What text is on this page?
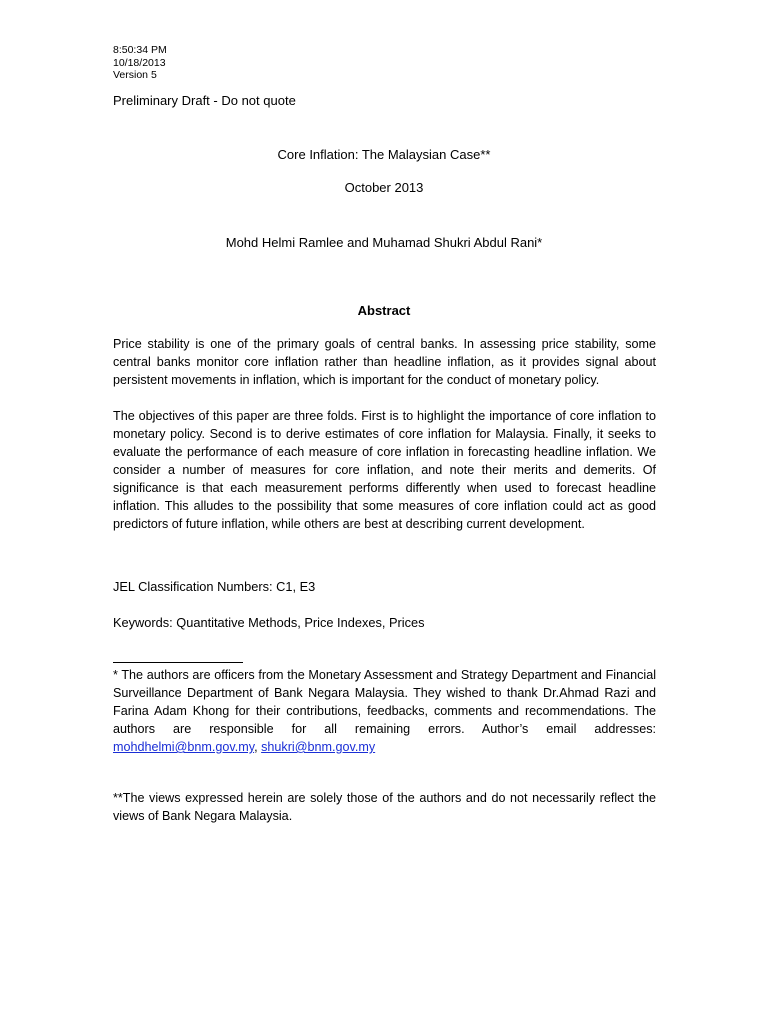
8:50:34 PM
10/18/2013
Version 5
Preliminary Draft - Do not quote
Core Inflation: The Malaysian Case**
October 2013
Mohd Helmi Ramlee and Muhamad Shukri Abdul Rani*
Abstract
Price stability is one of the primary goals of central banks. In assessing price stability, some central banks monitor core inflation rather than headline inflation, as it provides signal about persistent movements in inflation, which is important for the conduct of monetary policy.
The objectives of this paper are three folds. First is to highlight the importance of core inflation to monetary policy. Second is to derive estimates of core inflation for Malaysia. Finally, it seeks to evaluate the performance of each measure of core inflation in forecasting headline inflation. We consider a number of measures for core inflation, and note their merits and demerits. Of significance is that each measurement performs differently when used to forecast headline inflation. This alludes to the possibility that some measures of core inflation could act as good predictors of future inflation, while others are best at describing current development.
JEL Classification Numbers: C1, E3
Keywords: Quantitative Methods, Price Indexes, Prices
* The authors are officers from the Monetary Assessment and Strategy Department and Financial Surveillance Department of Bank Negara Malaysia. They wished to thank Dr.Ahmad Razi and Farina Adam Khong for their contributions, feedbacks, comments and recommendations. The authors are responsible for all remaining errors. Author’s email addresses: mohdhelmi@bnm.gov.my, shukri@bnm.gov.my
**The views expressed herein are solely those of the authors and do not necessarily reflect the views of Bank Negara Malaysia.
